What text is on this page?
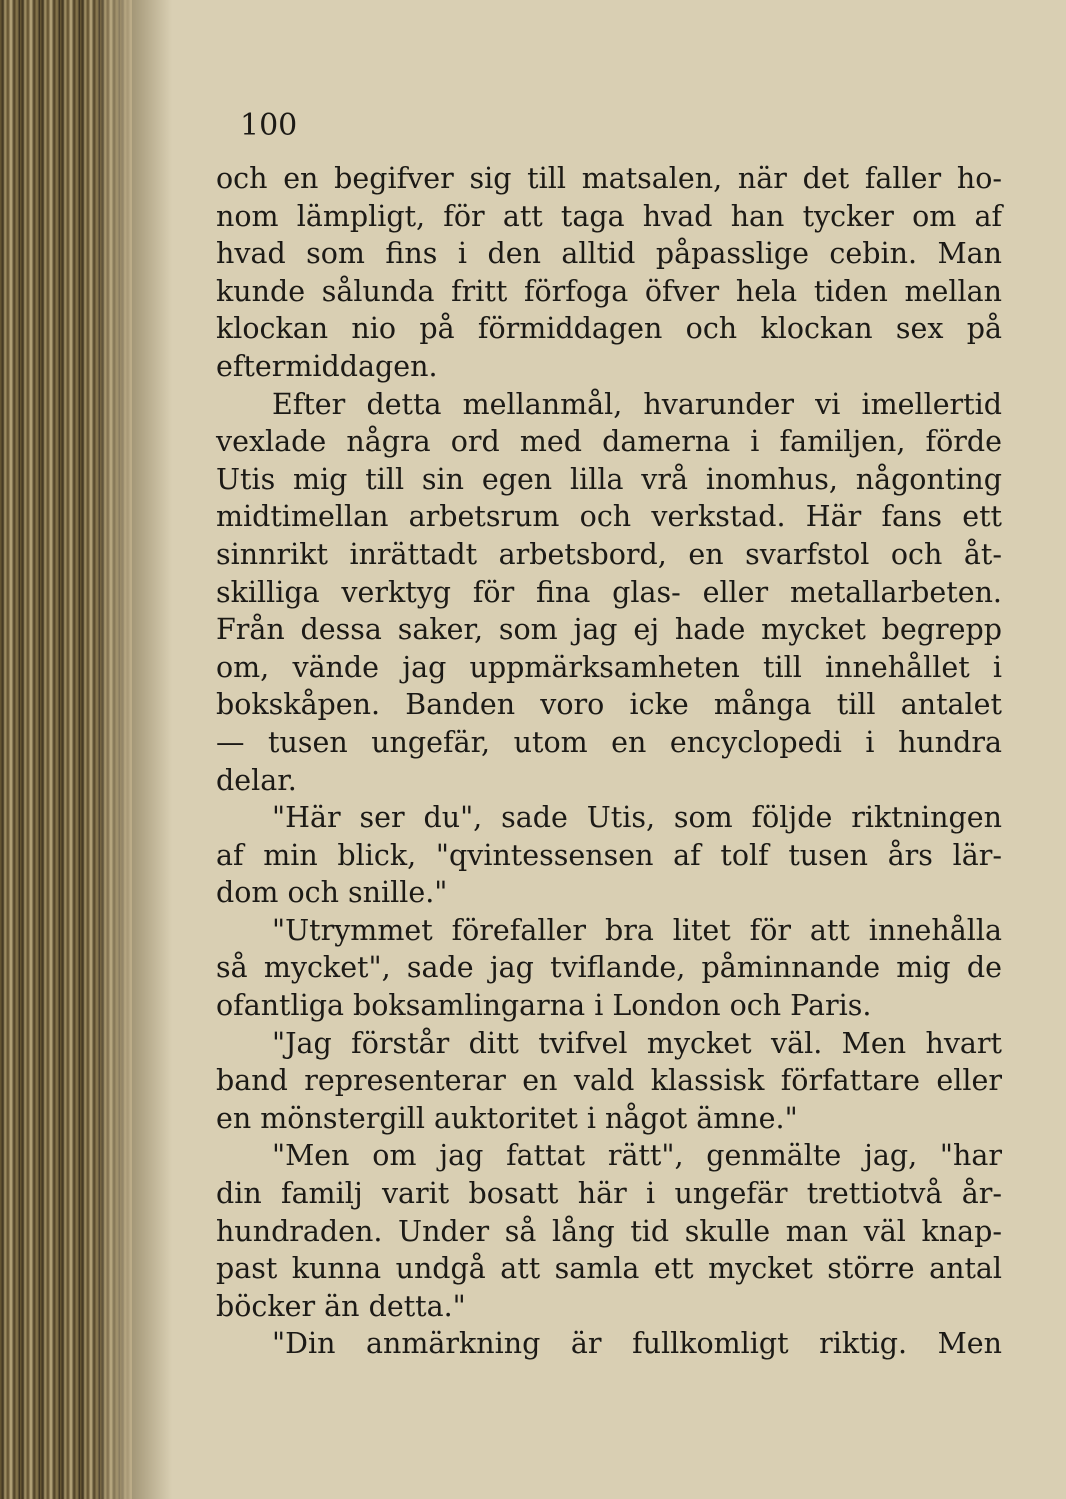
100
och en begifver sig till matsalen, när det faller ho-
nom lämpligt, för att taga hvad han tycker om af
hvad som fins i den alltid påpasslige cebin. Man
kunde sålunda fritt förfoga öfver hela tiden mellan
klockan nio på förmiddagen och klockan sex på
eftermiddagen.
Efter detta mellanmål, hvarunder vi imellertid
vexlade några ord med damerna i familjen, förde
Utis mig till sin egen lilla vrå inomhus, någonting
midtimellan arbetsrum och verkstad. Här fans ett
sinnrikt inrättadt arbetsbord, en svarfstol och åt-
skilliga verktyg för fina glas- eller metallarbeten.
Från dessa saker, som jag ej hade mycket begrepp
om, vände jag uppmärksamheten till innehållet i
bokskåpen. Banden voro icke många till antalet
— tusen ungefär, utom en encyclopedi i hundra
delar.
"Här ser du", sade Utis, som följde riktningen
af min blick, "qvintessensen af tolf tusen års lär-
dom och snille."
"Utrymmet förefaller bra litet för att innehålla
så mycket", sade jag tviflande, påminnande mig de
ofantliga boksamlingarna i London och Paris.
"Jag förstår ditt tvifvel mycket väl. Men hvart
band representerar en vald klassisk författare eller
en mönstergill auktoritet i något ämne."
"Men om jag fattat rätt", genmälte jag, "har
din familj varit bosatt här i ungefär trettiotvå år-
hundraden. Under så lång tid skulle man väl knap-
past kunna undgå att samla ett mycket större antal
böcker än detta."
"Din anmärkning är fullkomligt riktig. Men
